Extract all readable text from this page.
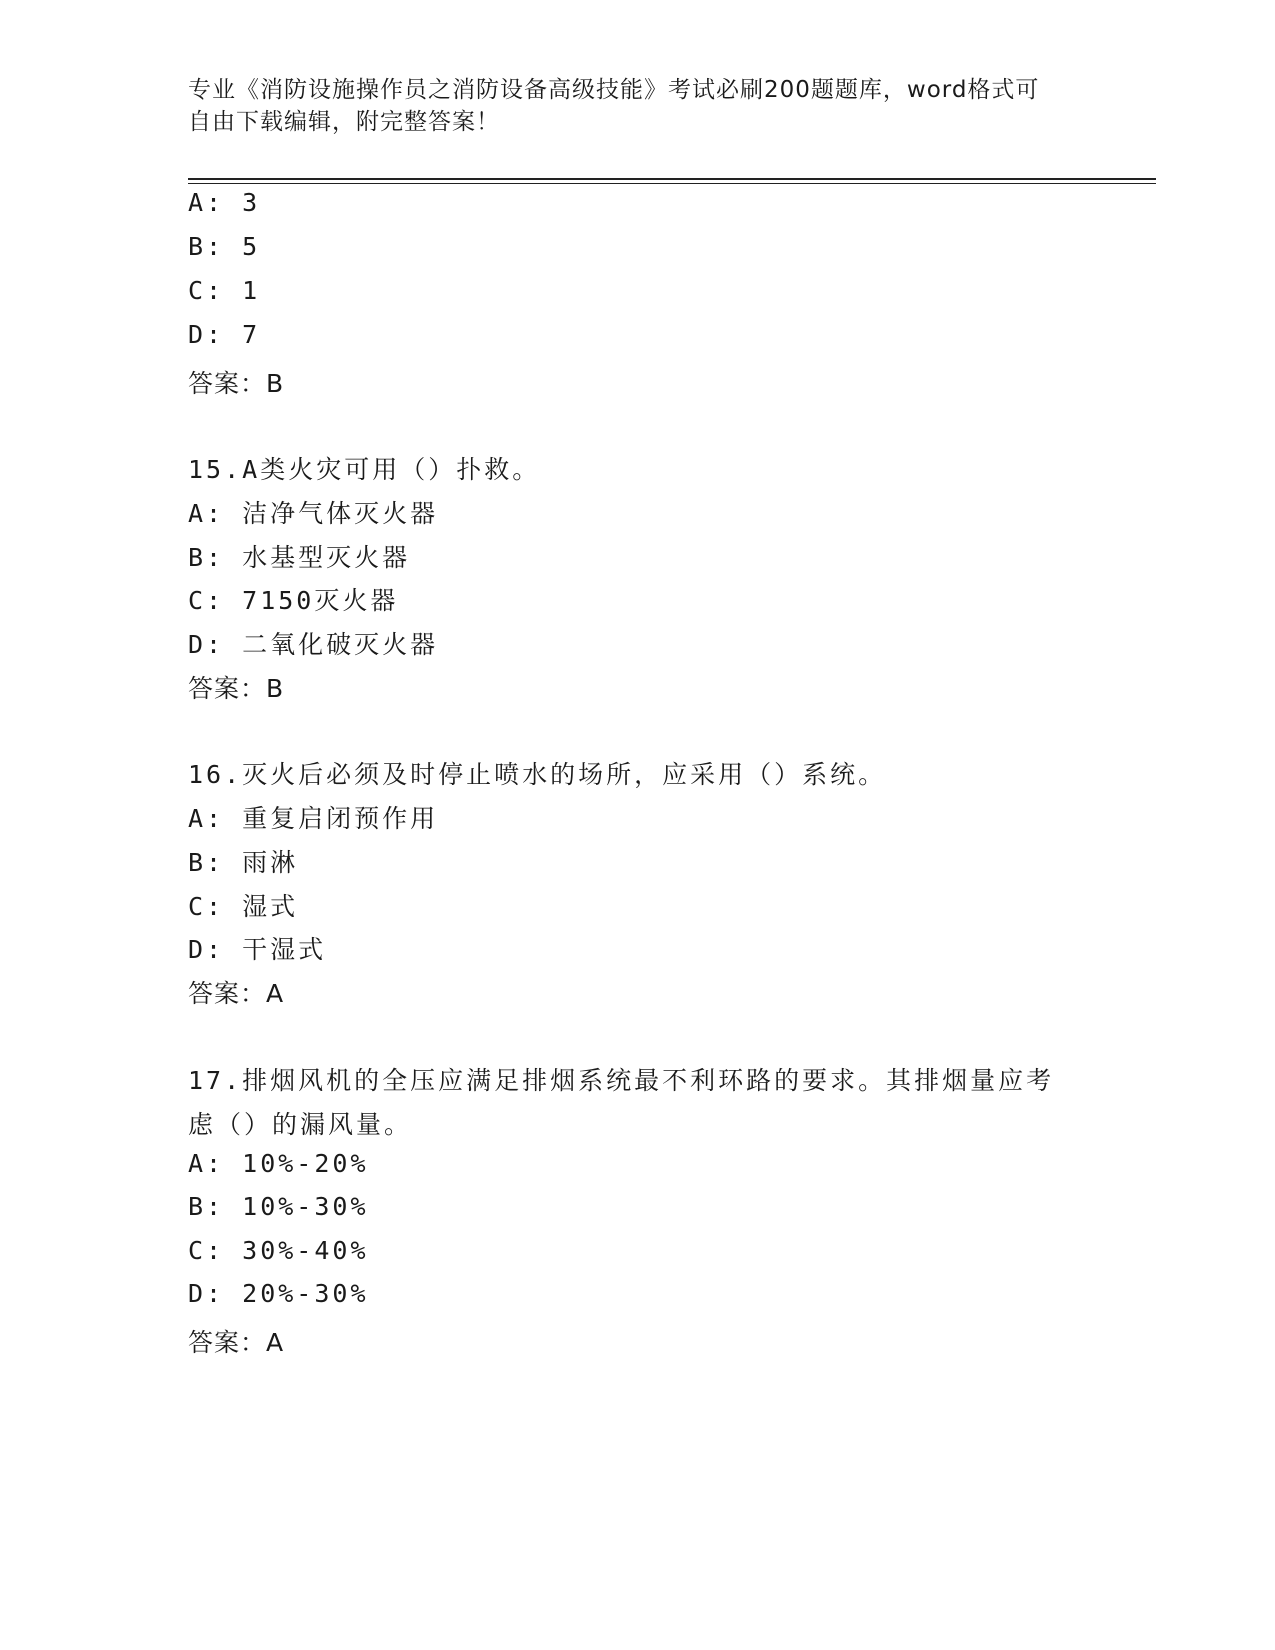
专业《消防设施操作员之消防设备高级技能》考试必刷200题题库，word格式可
自由下载编辑，附完整答案！
A: 3
B: 5
C: 1
D: 7
答案：B
15.A类火灾可用（）扑救。
A: 洁净气体灭火器
B: 水基型灭火器
C: 7150灭火器
D: 二氧化破灭火器
答案：B
16.灭火后必须及时停止喷水的场所，应采用（）系统。
A: 重复启闭预作用
B: 雨淋
C: 湿式
D: 干湿式
答案：A
17.排烟风机的全压应满足排烟系统最不利环路的要求。其排烟量应考
虑（）的漏风量。
A: 10%-20%
B: 10%-30%
C: 30%-40%
D: 20%-30%
答案：A
